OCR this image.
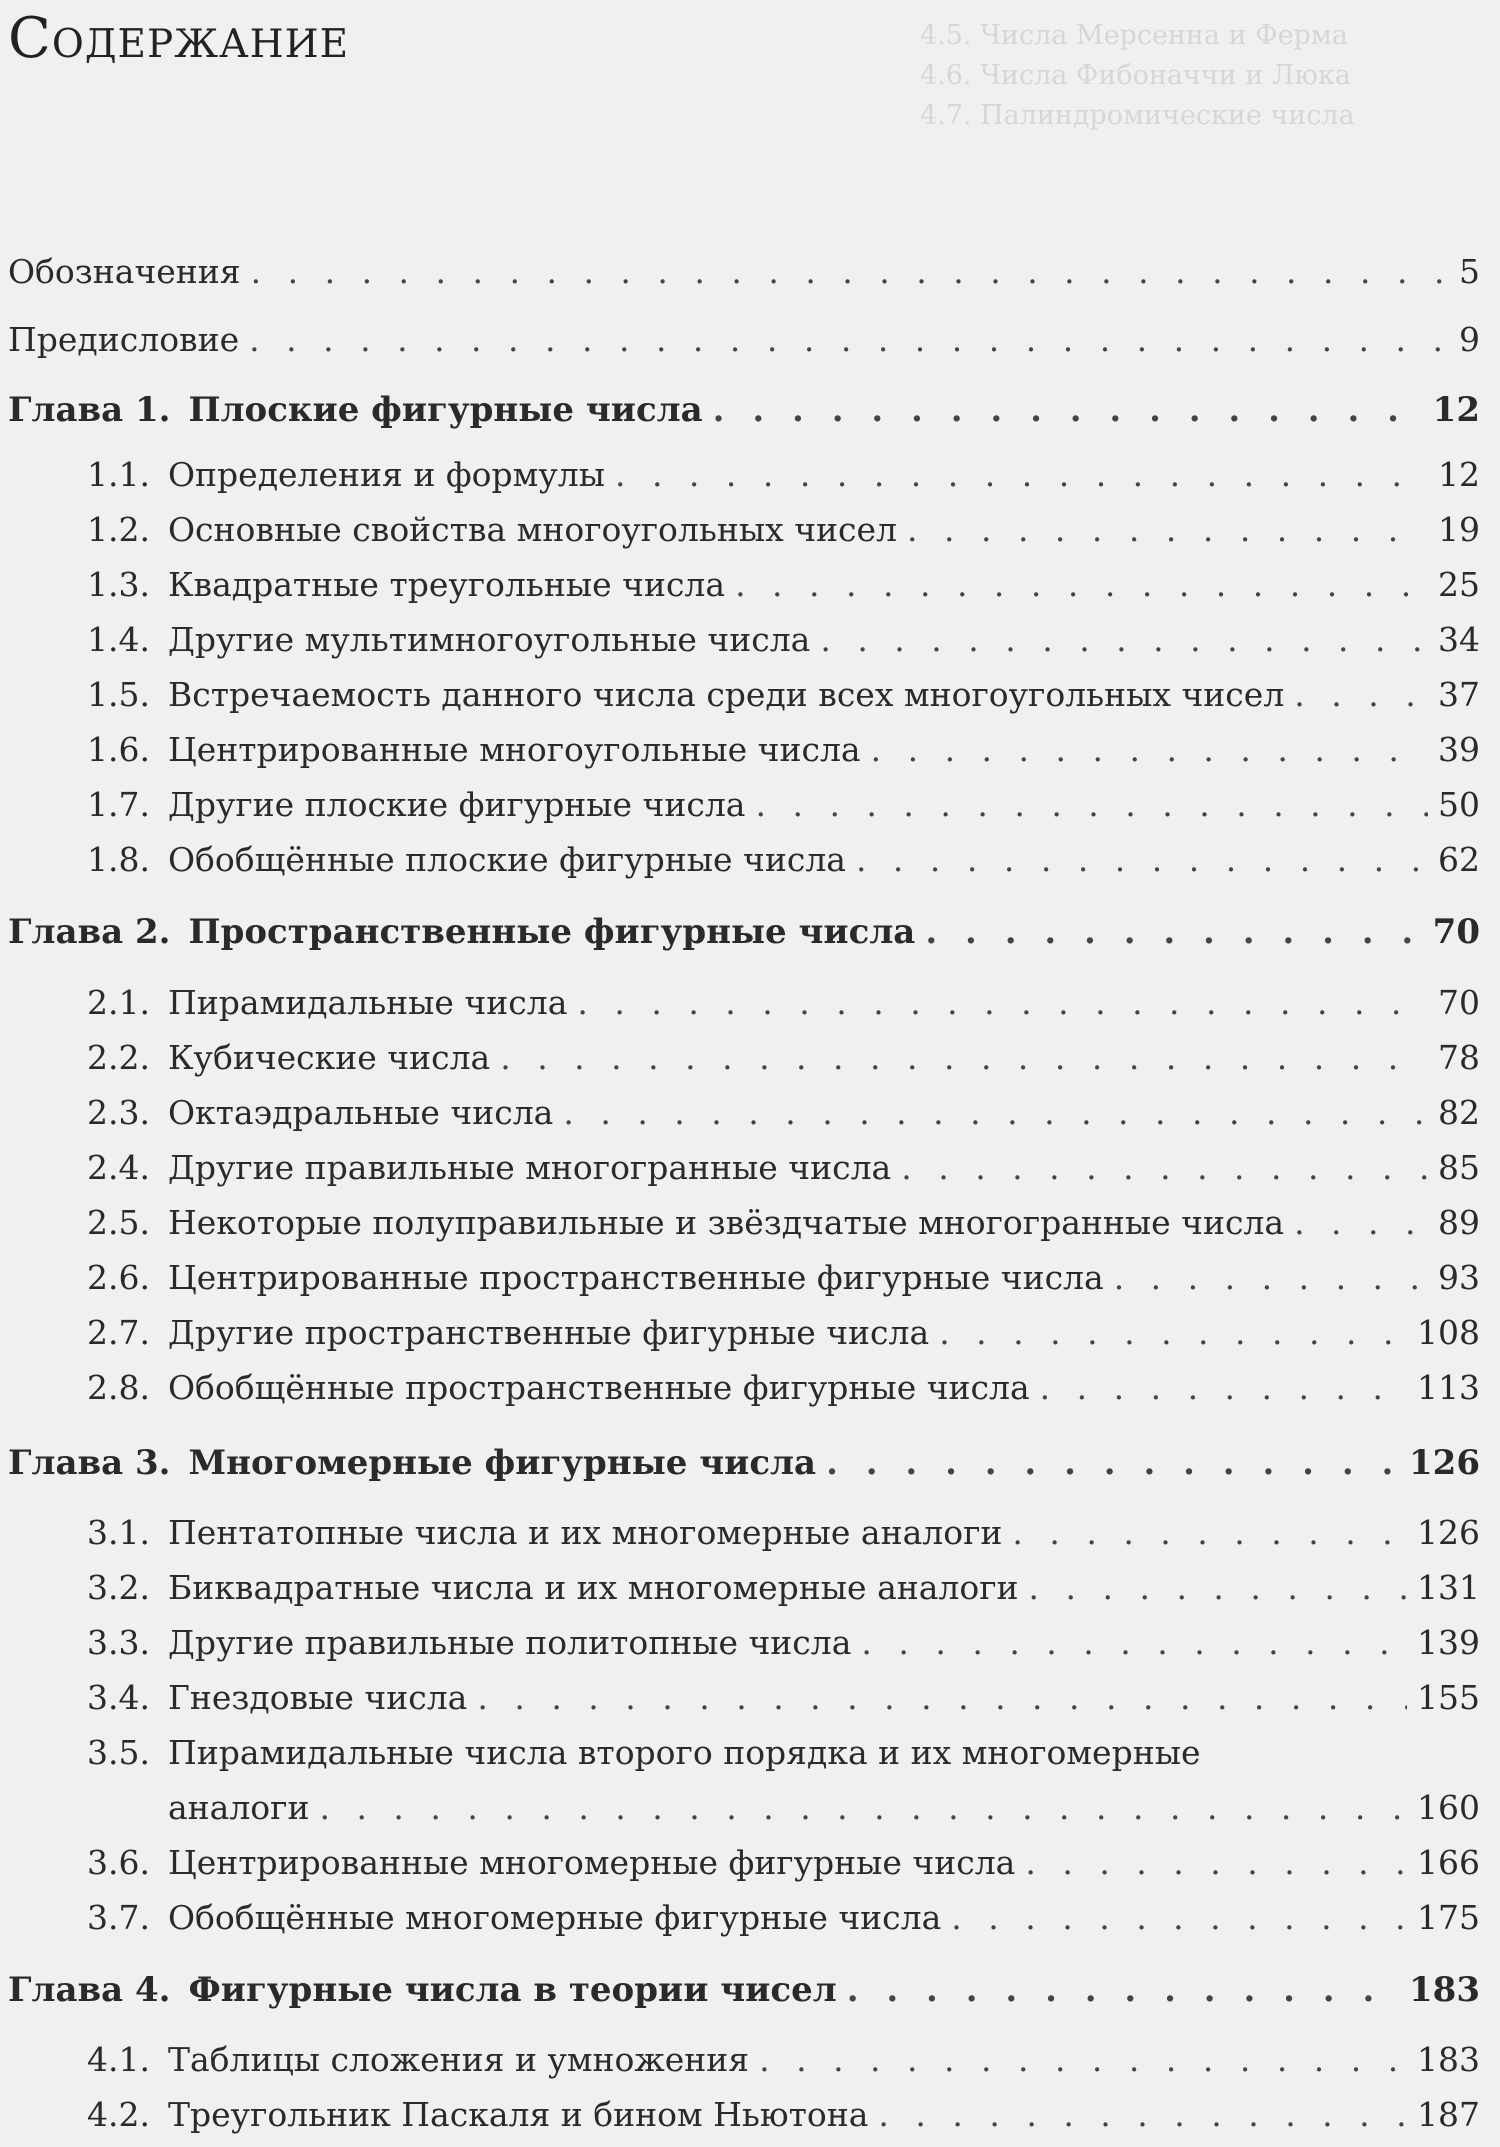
4.5. Числа Мерсенна и Ферма
4.6. Числа Фибоначчи и Люка
4.7. Палиндромические числа
Содержание
Обозначения . . .	5
Предисловие . . .	9
Глава 1. Плоские фигурные числа . . .	12
1.1. Определения и формулы . . .	12
1.2. Основные свойства многоугольных чисел . . .	19
1.3. Квадратные треугольные числа . . .	25
1.4. Другие мультимногоугольные числа . . .	34
1.5. Встречаемость данного числа среди всех многоугольных чисел . . .	37
1.6. Центрированные многоугольные числа . . .	39
1.7. Другие плоские фигурные числа . . .	50
1.8. Обобщённые плоские фигурные числа . . .	62
Глава 2. Пространственные фигурные числа . . .	70
2.1. Пирамидальные числа . . .	70
2.2. Кубические числа . . .	78
2.3. Октаэдральные числа . . .	82
2.4. Другие правильные многогранные числа . . .	85
2.5. Некоторые полуправильные и звёздчатые многогранные числа . . .	89
2.6. Центрированные пространственные фигурные числа . . .	93
2.7. Другие пространственные фигурные числа . . .	108
2.8. Обобщённые пространственные фигурные числа . . .	113
Глава 3. Многомерные фигурные числа . . .	126
3.1. Пентатопные числа и их многомерные аналоги . . .	126
3.2. Биквадратные числа и их многомерные аналоги . . .	131
3.3. Другие правильные политопные числа . . .	139
3.4. Гнездовые числа . . .	155
3.5. Пирамидальные числа второго порядка и их многомерные
аналоги . . .	160
3.6. Центрированные многомерные фигурные числа . . .	166
3.7. Обобщённые многомерные фигурные числа . . .	175
Глава 4. Фигурные числа в теории чисел . . .	183
4.1. Таблицы сложения и умножения . . .	183
4.2. Треугольник Паскаля и бином Ньютона . . .	187
